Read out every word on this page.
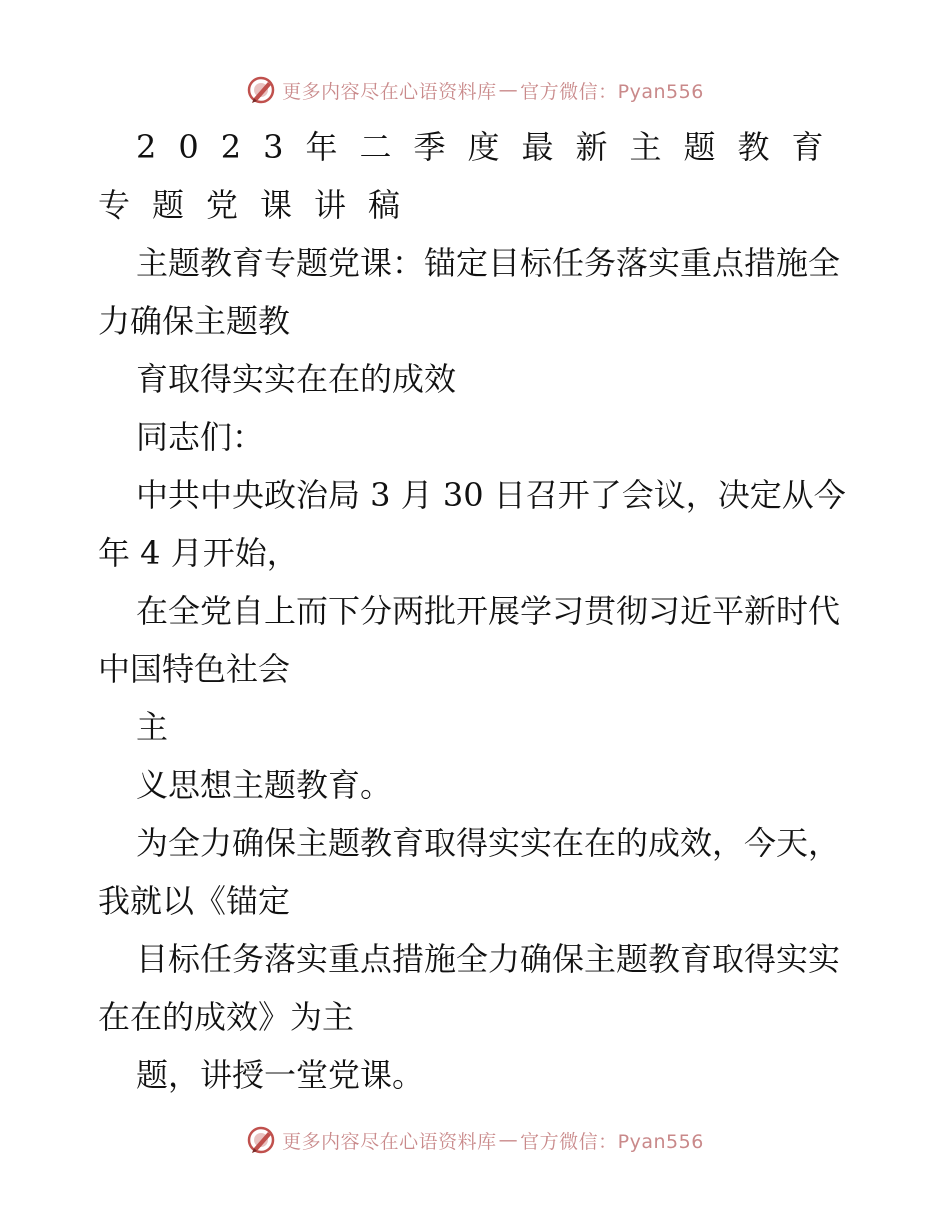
更多内容尽在心语资料库 — 官方微信：Pyan556

2023年二季度最新主题教育专题党课讲稿

主题教育专题党课：锚定目标任务落实重点措施全力确保主题教

育取得实实在在的成效

同志们：

中共中央政治局 3 月 30 日召开了会议，决定从今年 4 月开始，

在全党自上而下分两批开展学习贯彻习近平新时代中国特色社会

主

义思想主题教育。

为全力确保主题教育取得实实在在的成效，今天，我就以《锚定

目标任务落实重点措施全力确保主题教育取得实实在在的成效》为主

题，讲授一堂党课。

更多内容尽在心语资料库 — 官方微信：Pyan556
